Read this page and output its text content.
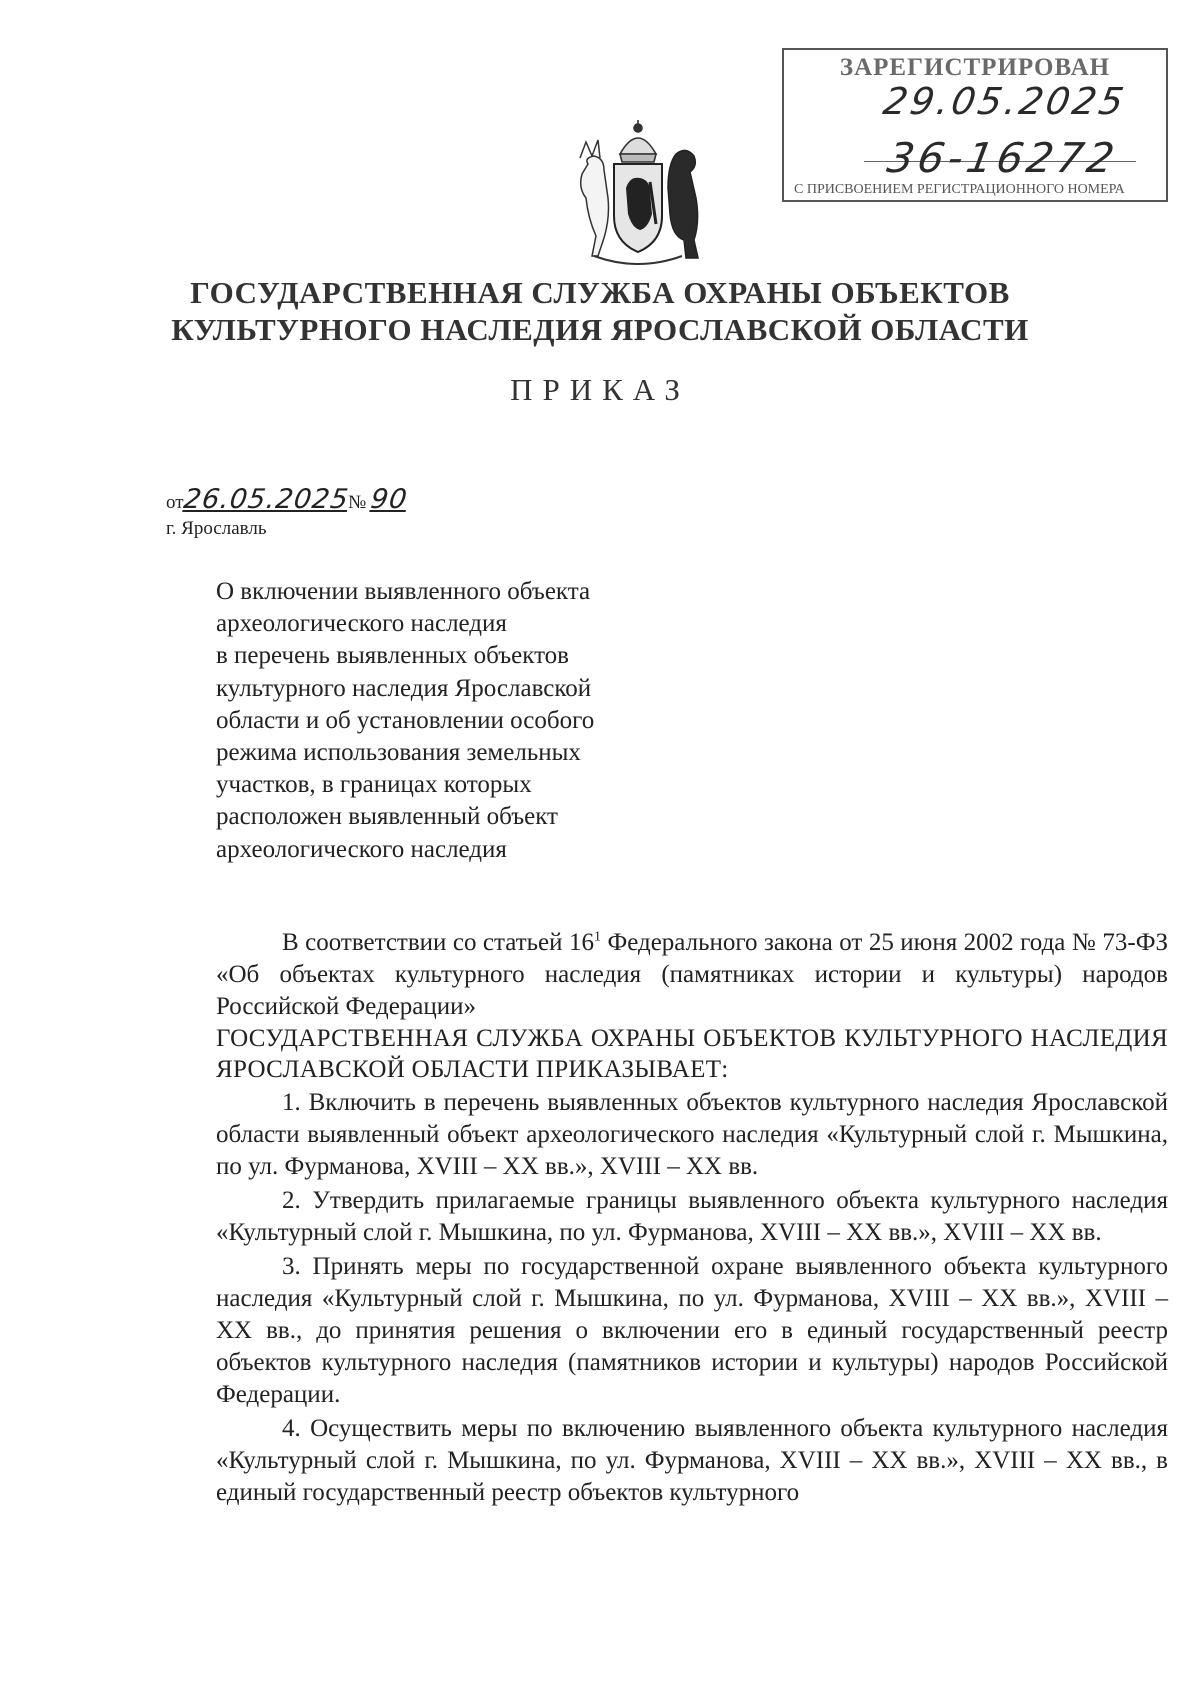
ЗАРЕГИСТРИРОВАН
29.05.2025
С ПРИСВОЕНИЕМ РЕГИСТРАЦИОННОГО НОМЕРА
36-16272
ГОСУДАРСТВЕННАЯ СЛУЖБА ОХРАНЫ ОБЪЕКТОВ
КУЛЬТУРНОГО НАСЛЕДИЯ ЯРОСЛАВСКОЙ ОБЛАСТИ
ПРИКАЗ
от26.05.2025№ 90
г. Ярославль
О включении выявленного объекта
археологического наследия
в перечень выявленных объектов
культурного наследия Ярославской
области и об установлении особого
режима использования земельных
участков, в границах которых
расположен выявленный объект
археологического наследия

В соответствии со статьей $16^1$ Федерального закона от 25 июня 2002 года № 73-ФЗ «Об объектах культурного наследия (памятниках истории и культуры) народов Российской Федерации»

ГОСУДАРСТВЕННАЯ СЛУЖБА ОХРАНЫ ОБЪЕКТОВ КУЛЬТУРНОГО НАСЛЕДИЯ ЯРОСЛАВСКОЙ ОБЛАСТИ ПРИКАЗЫВАЕТ:

1. Включить в перечень выявленных объектов культурного наследия Ярославской области выявленный объект археологического наследия «Культурный слой г. Мышкина, по ул. Фурманова, XVIII – XX вв.», XVIII – XX вв.

2. Утвердить прилагаемые границы выявленного объекта культурного наследия «Культурный слой г. Мышкина, по ул. Фурманова, XVIII – XX вв.», XVIII – XX вв.

3. Принять меры по государственной охране выявленного объекта культурного наследия «Культурный слой г. Мышкина, по ул. Фурманова, XVIII – XX вв.», XVIII – XX вв., до принятия решения о включении его в единый государственный реестр объектов культурного наследия (памятников истории и культуры) народов Российской Федерации.

4. Осуществить меры по включению выявленного объекта культурного наследия «Культурный слой г. Мышкина, по ул. Фурманова, XVIII – XX вв.», XVIII – XX вв., в единый государственный реестр объектов культурного
